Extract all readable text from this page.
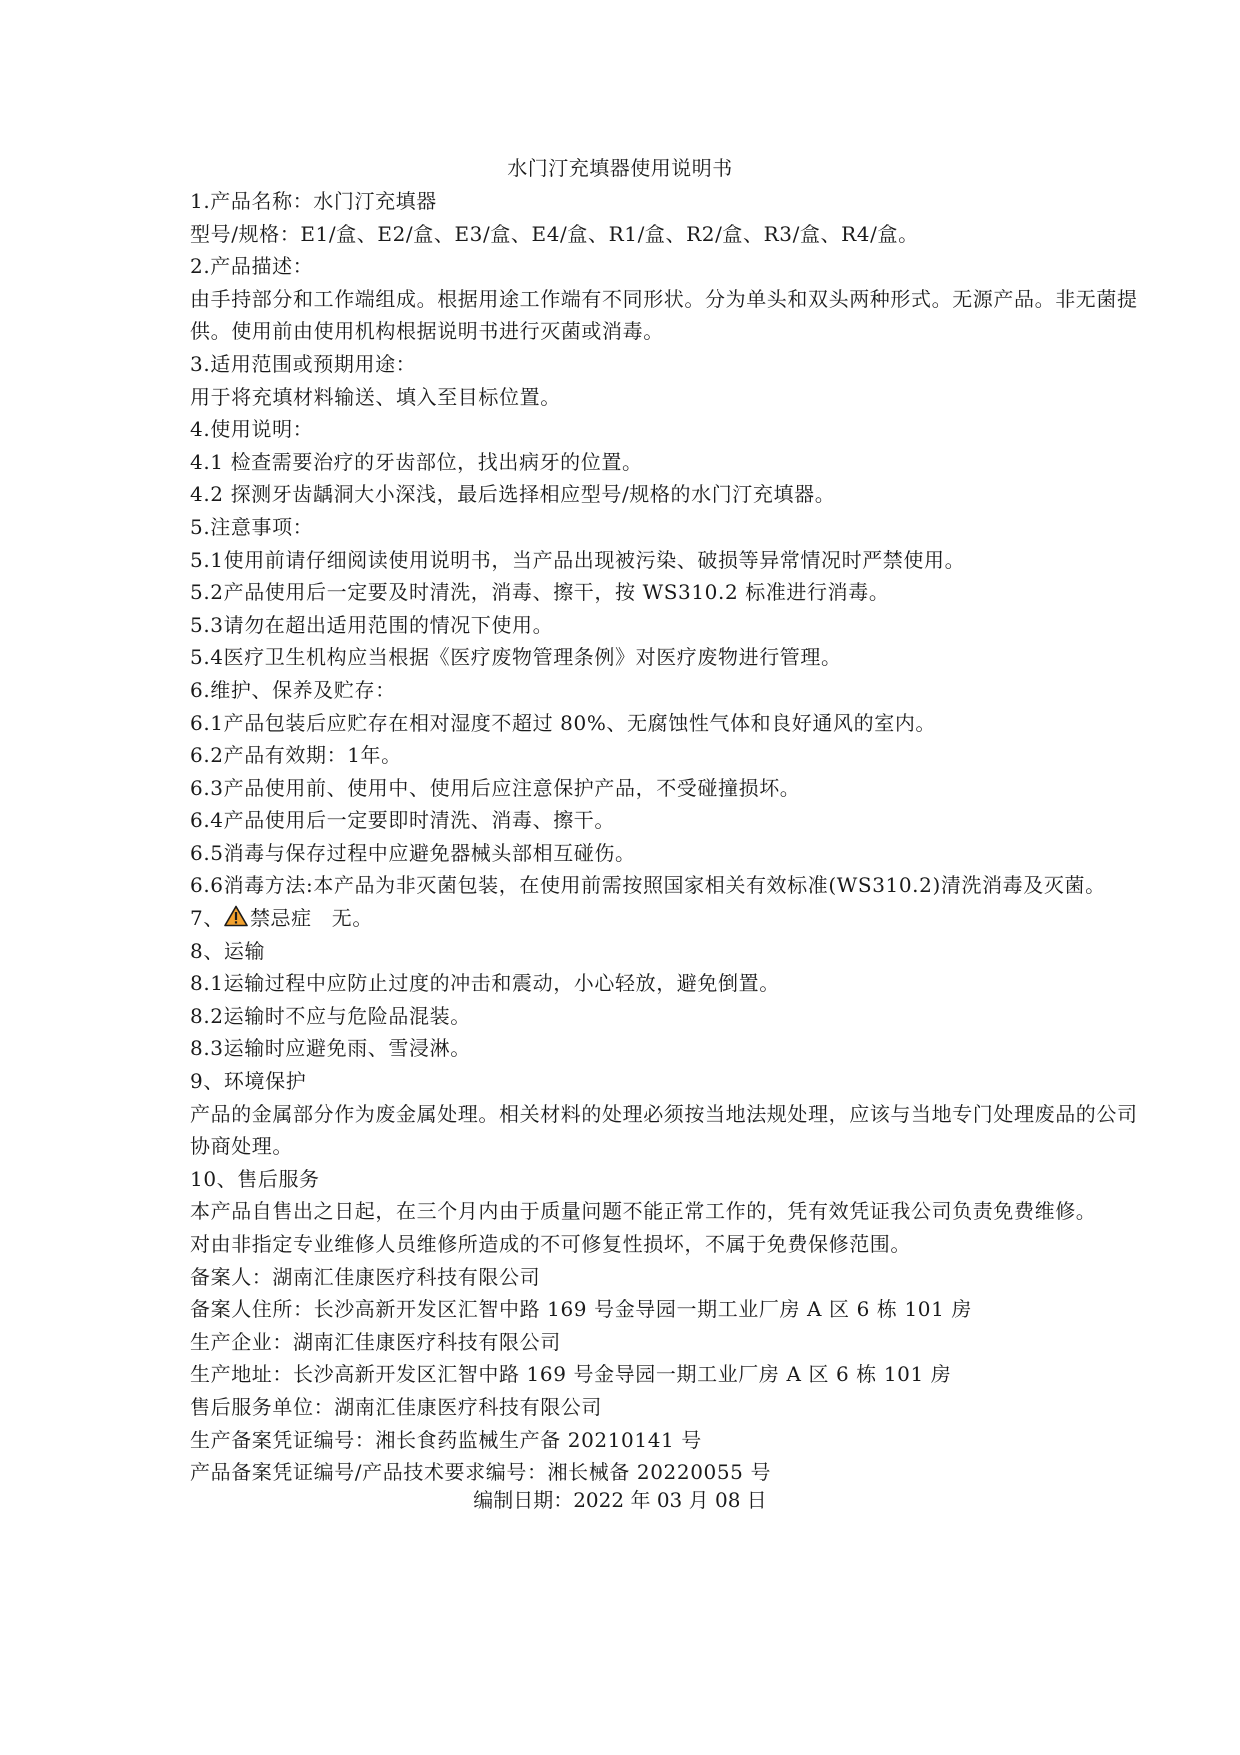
水门汀充填器使用说明书
1.产品名称：水门汀充填器
型号/规格：E1/盒、E2/盒、E3/盒、E4/盒、R1/盒、R2/盒、R3/盒、R4/盒。
2.产品描述：
由手持部分和工作端组成。根据用途工作端有不同形状。分为单头和双头两种形式。无源产品。非无菌提
供。使用前由使用机构根据说明书进行灭菌或消毒。
3.适用范围或预期用途：
用于将充填材料输送、填入至目标位置。
4.使用说明：
4.1 检查需要治疗的牙齿部位，找出病牙的位置。
4.2 探测牙齿龋洞大小深浅，最后选择相应型号/规格的水门汀充填器。
5.注意事项：
5.1使用前请仔细阅读使用说明书，当产品出现被污染、破损等异常情况时严禁使用。
5.2产品使用后一定要及时清洗，消毒、擦干，按 WS310.2 标准进行消毒。
5.3请勿在超出适用范围的情况下使用。
5.4医疗卫生机构应当根据《医疗废物管理条例》对医疗废物进行管理。
6.维护、保养及贮存：
6.1产品包装后应贮存在相对湿度不超过 80%、无腐蚀性气体和良好通风的室内。
6.2产品有效期：1年。
6.3产品使用前、使用中、使用后应注意保护产品，不受碰撞损坏。
6.4产品使用后一定要即时清洗、消毒、擦干。
6.5消毒与保存过程中应避免器械头部相互碰伤。
6.6消毒方法:本产品为非灭菌包装，在使用前需按照国家相关有效标准(WS310.2)清洗消毒及灭菌。
7、 禁忌症 无。
8、运输
8.1运输过程中应防止过度的冲击和震动，小心轻放，避免倒置。
8.2运输时不应与危险品混装。
8.3运输时应避免雨、雪浸淋。
9、环境保护
产品的金属部分作为废金属处理。相关材料的处理必须按当地法规处理，应该与当地专门处理废品的公司
协商处理。
10、售后服务
本产品自售出之日起，在三个月内由于质量问题不能正常工作的，凭有效凭证我公司负责免费维修。
对由非指定专业维修人员维修所造成的不可修复性损坏，不属于免费保修范围。
备案人：湖南汇佳康医疗科技有限公司
备案人住所：长沙高新开发区汇智中路 169 号金导园一期工业厂房 A 区 6 栋 101 房
生产企业：湖南汇佳康医疗科技有限公司
生产地址：长沙高新开发区汇智中路 169 号金导园一期工业厂房 A 区 6 栋 101 房
售后服务单位：湖南汇佳康医疗科技有限公司
生产备案凭证编号：湘长食药监械生产备 20210141 号
产品备案凭证编号/产品技术要求编号：湘长械备 20220055 号
编制日期：2022 年 03 月 08 日
